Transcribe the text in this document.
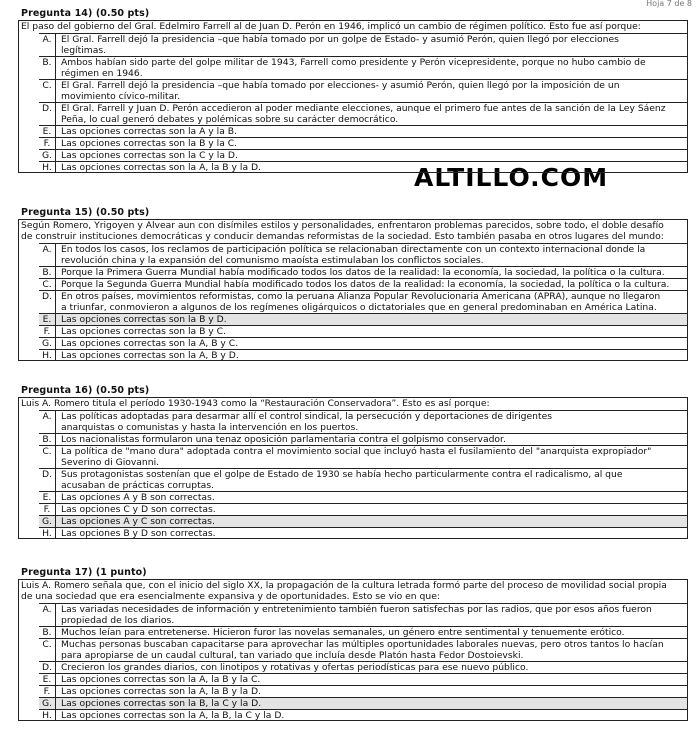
Hoja 7 de 8
ALTILLO.COM
Pregunta 14) (0.50 pts)
El paso del gobierno del Gral. Edelmiro Farrell al de Juan D. Perón en 1946, implicó un cambio de régimen político. Esto fue así porque:
A.	El Gral. Farrell dejó la presidencia –que había tomado por un golpe de Estado- y asumió Perón, quien llegó por elecciones
legítimas.
B.	Ambos habían sido parte del golpe militar de 1943, Farrell como presidente y Perón vicepresidente, porque no hubo cambio de
régimen en 1946.
C.	El Gral. Farrell dejó la presidencia –que había tomado por elecciones- y asumió Perón, quien llegó por la imposición de un
movimiento cívico-militar.
D. El Gral. Farrell y Juan D. Perón accedieron al poder mediante elecciones, aunque el primero fue antes de la sanción de la Ley Sáenz
Peña, lo cual generó debates y polémicas sobre su carácter democrático.
E.	Las opciones correctas son la A y la B.
F.	Las opciones correctas son la B y la C.
G. Las opciones correctas son la C y la D.
H. Las opciones correctas son la A, la B y la D.
Pregunta 15) (0.50 pts)
Según Romero, Yrigoyen y Alvear aun con disímiles estilos y personalidades, enfrentaron problemas parecidos, sobre todo, el doble desafío
de construir instituciones democráticas y conducir demandas reformistas de la sociedad. Esto también pasaba en otros lugares del mundo:
A.	En todos los casos, los reclamos de participación política se relacionaban directamente con un contexto internacional donde la
revolución china y la expansión del comunismo maoísta estimulaban los conflictos sociales.
B.	Porque la Primera Guerra Mundial había modificado todos los datos de la realidad: la economía, la sociedad, la política o la cultura.
C.	Porque la Segunda Guerra Mundial había modificado todos los datos de la realidad: la economía, la sociedad, la política o la cultura.
D. En otros países, movimientos reformistas, como la peruana Alianza Popular Revolucionaria Americana (APRA), aunque no llegaron
a triunfar, conmovieron a algunos de los regímenes oligárquicos o dictatoriales que en general predominaban en América Latina.
E.	Las opciones correctas son la B y D.
F.	Las opciones correctas son la B y C.
G. Las opciones correctas son la A, B y C.
H. Las opciones correctas son la A, B y D.
Pregunta 16) (0.50 pts)
Luis A. Romero titula el período 1930-1943 como la “Restauración Conservadora”. Esto es así porque:
A.	Las políticas adoptadas para desarmar allí el control sindical, la persecución y deportaciones de dirigentes
anarquistas o comunistas y hasta la intervención en los puertos.
B.	Los nacionalistas formularon una tenaz oposición parlamentaria contra el golpismo conservador.
C.	La política de "mano dura" adoptada contra el movimiento social que incluyó hasta el fusilamiento del "anarquista expropiador"
Severino di Giovanni.
D. Sus protagonistas sostenían que el golpe de Estado de 1930 se había hecho particularmente contra el radicalismo, al que
acusaban de prácticas corruptas.
E.	Las opciones A y B son correctas.
F.	Las opciones C y D son correctas.
G. Las opciones A y C son correctas.
H. Las opciones B y D son correctas.
Pregunta 17) (1 punto)
Luis A. Romero señala que, con el inicio del siglo XX, la propagación de la cultura letrada formó parte del proceso de movilidad social propia
de una sociedad que era esencialmente expansiva y de oportunidades. Esto se vio en que:
A.	Las variadas necesidades de información y entretenimiento también fueron satisfechas por las radios, que por esos años fueron
propiedad de los diarios.
B.	Muchos leían para entretenerse. Hicieron furor las novelas semanales, un género entre sentimental y tenuemente erótico.
C.	Muchas personas buscaban capacitarse para aprovechar las múltiples oportunidades laborales nuevas, pero otros tantos lo hacían
para apropiarse de un caudal cultural, tan variado que incluía desde Platón hasta Fedor Dostoievski.
D. Crecieron los grandes diarios, con linotipos y rotativas y ofertas periodísticas para ese nuevo público.
E.	Las opciones correctas son la A, la B y la C.
F.	Las opciones correctas son la A, la B y la D.
G. Las opciones correctas son la B, la C y la D.
H. Las opciones correctas son la A, la B, la C y la D.
